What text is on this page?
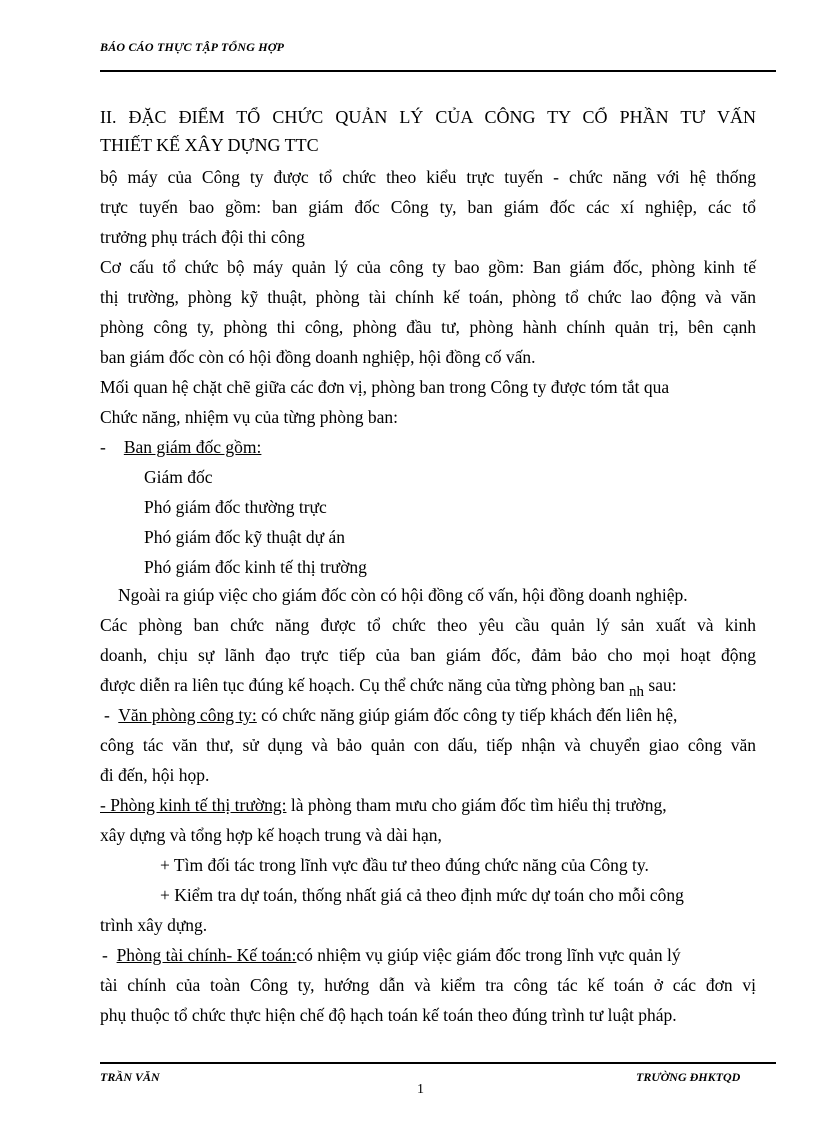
BÁO CÁO THỰC TẬP TỔNG HỢP
II. ĐẶC ĐIỂM TỔ CHỨC QUẢN LÝ CỦA CÔNG TY CỔ PHẦN TƯ VẤN
THIẾT KẾ XÂY DỰNG TTC
bộ máy của Công ty được tổ chức theo kiểu trực tuyến - chức năng với hệ thống
trực tuyến bao gồm: ban giám đốc Công ty, ban giám đốc các xí nghiệp, các tổ
trưởng phụ trách đội thi công
Cơ cấu tổ chức bộ máy quản lý của công ty bao gồm: Ban giám đốc, phòng kinh tế
thị trường, phòng kỹ thuật, phòng tài chính kế toán, phòng tổ chức lao động và văn
phòng công ty, phòng thi công, phòng đầu tư, phòng hành chính quản trị, bên cạnh
ban giám đốc còn có hội đồng doanh nghiệp, hội đồng cố vấn.
Mối quan hệ chặt chẽ giữa các đơn vị, phòng ban trong Công ty được tóm tắt qua
Chức năng, nhiệm vụ của từng phòng ban:
- Ban giám đốc gồm:
Giám đốc
Phó giám đốc thường trực
Phó giám đốc kỹ thuật dự án
Phó giám đốc kinh tế thị trường
Ngoài ra giúp việc cho giám đốc còn có hội đồng cố vấn, hội đồng doanh nghiệp.
Các phòng ban chức năng được tổ chức theo yêu cầu quản lý sản xuất và kinh
doanh, chịu sự lãnh đạo trực tiếp của ban giám đốc, đảm bảo cho mọi hoạt động
được diễn ra liên tục đúng kế hoạch. Cụ thể chức năng của từng phòng ban nh sau:
- Văn phòng công ty: có chức năng giúp giám đốc công ty tiếp khách đến liên hệ,
công tác văn thư, sử dụng và bảo quản con dấu, tiếp nhận và chuyển giao công văn
đi đến, hội họp.
- Phòng kinh tế thị trường: là phòng tham mưu cho giám đốc tìm hiểu thị trường,
xây dựng và tổng hợp kế hoạch trung và dài hạn,
+ Tìm đối tác trong lĩnh vực đầu tư theo đúng chức năng của Công ty.
+ Kiểm tra dự toán, thống nhất giá cả theo định mức dự toán cho mỗi công
trình xây dựng.
- Phòng tài chính- Kế toán:có nhiệm vụ giúp việc giám đốc trong lĩnh vực quản lý
tài chính của toàn Công ty, hướng dẫn và kiểm tra công tác kế toán ở các đơn vị
phụ thuộc tổ chức thực hiện chế độ hạch toán kế toán theo đúng trình tư luật pháp.
TRẦN VĂN	TRƯỜNG ĐHKTQD
1
